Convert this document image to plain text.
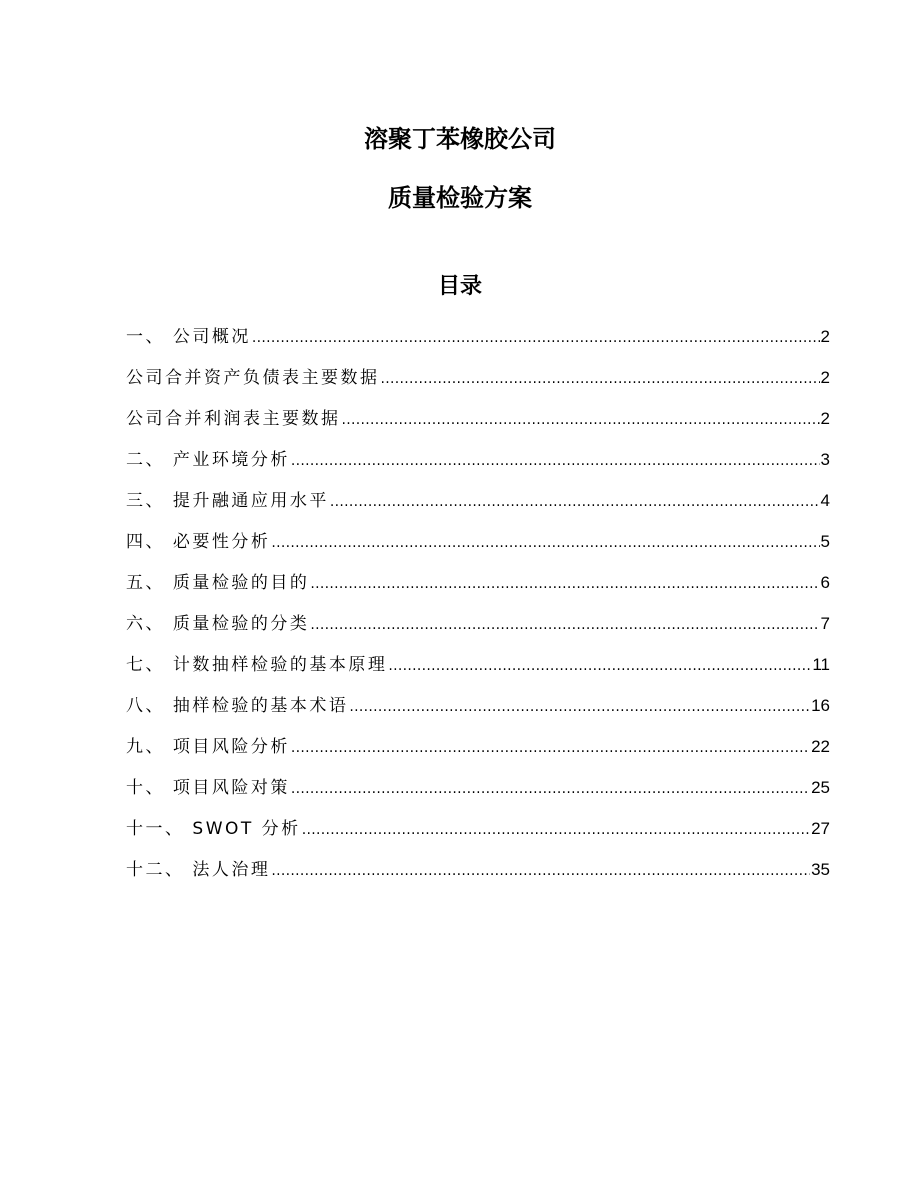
溶聚丁苯橡胶公司
质量检验方案
目录
一、 公司概况 .....	2
公司合并资产负债表主要数据 .....	2
公司合并利润表主要数据 .....	2
二、 产业环境分析 .....	3
三、 提升融通应用水平 .....	4
四、 必要性分析 .....	5
五、 质量检验的目的 .....	6
六、 质量检验的分类 .....	7
七、 计数抽样检验的基本原理 .....	11
八、 抽样检验的基本术语 .....	16
九、 项目风险分析 .....	22
十、 项目风险对策 .....	25
十一、 SWOT 分析 .....	27
十二、 法人治理 .....	35
